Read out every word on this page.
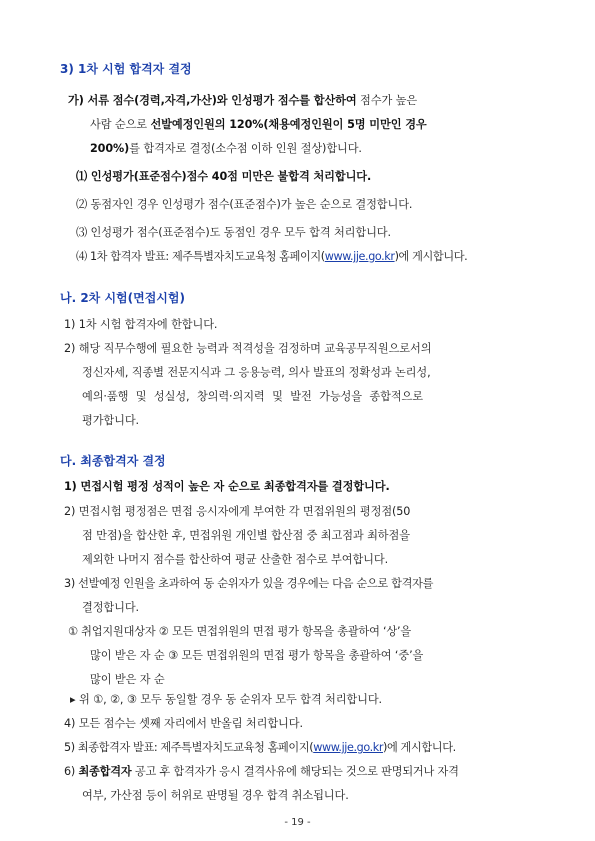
3) 1차 시험 합격자 결정
가) 서류 점수(경력,자격,가산)와 인성평가 점수를 합산하여 점수가 높은
사람 순으로 선발예정인원의 120%(채용예정인원이 5명 미만인 경우
200%)를 합격자로 결정(소수점 이하 인원 절상)합니다.
⑴ 인성평가(표준점수)점수 40점 미만은 불합격 처리합니다.
⑵ 동점자인 경우 인성평가 점수(표준점수)가 높은 순으로 결정합니다.
⑶ 인성평가 점수(표준점수)도 동점인 경우 모두 합격 처리합니다.
⑷ 1차 합격자 발표: 제주특별자치도교육청 홈페이지(www.jje.go.kr)에 게시합니다.
나. 2차 시험(면접시험)
1) 1차 시험 합격자에 한합니다.
2) 해당 직무수행에 필요한 능력과 적격성을 검정하며 교육공무직원으로서의
정신자세, 직종별 전문지식과 그 응용능력, 의사 발표의 정확성과 논리성,
예의·품행 및 성실성, 창의력·의지력 및 발전 가능성을 종합적으로
평가합니다.
다. 최종합격자 결정
1) 면접시험 평정 성적이 높은 자 순으로 최종합격자를 결정합니다.
2) 면접시험 평정점은 면접 응시자에게 부여한 각 면접위원의 평정점(50
점 만점)을 합산한 후, 면접위원 개인별 합산점 중 최고점과 최하점을
제외한 나머지 점수를 합산하여 평균 산출한 점수로 부여합니다.
3) 선발예정 인원을 초과하여 동 순위자가 있을 경우에는 다음 순으로 합격자를
결정합니다.
① 취업지원대상자 ② 모든 면접위원의 면접 평가 항목을 총괄하여 ‘상’을
많이 받은 자 순 ③ 모든 면접위원의 면접 평가 항목을 총괄하여 ‘중’을
많이 받은 자 순
▸ 위 ①, ②, ③ 모두 동일할 경우 동 순위자 모두 합격 처리합니다.
4) 모든 점수는 셋째 자리에서 반올림 처리합니다.
5) 최종합격자 발표: 제주특별자치도교육청 홈페이지(www.jje.go.kr)에 게시합니다.
6) 최종합격자 공고 후 합격자가 응시 결격사유에 해당되는 것으로 판명되거나 자격
여부, 가산점 등이 허위로 판명될 경우 합격 취소됩니다.
- 19 -
